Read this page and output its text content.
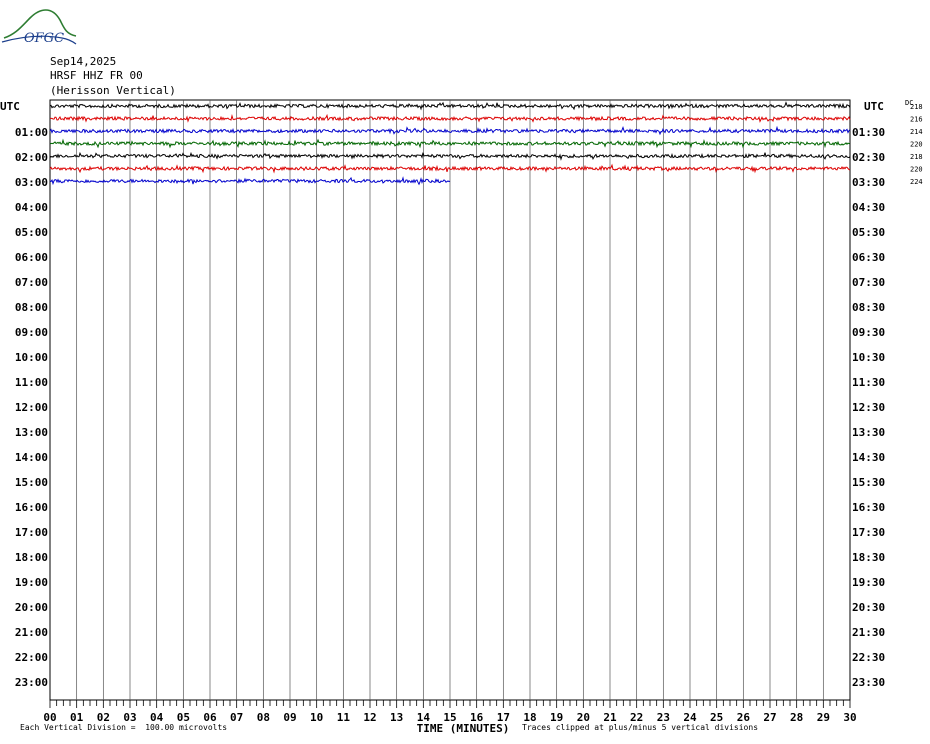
OFGC
Sep14,2025
HRSF HHZ FR 00
(Herisson Vertical)
00 01 02 03 04 05 06 07 08 09 10 11 12 13 14 15 16 17 18 19 20 21 22 23 24 25 26 27 28 29 30
TIME (MINUTES)
UTC	UTC	DC
01:00
02:00
03:00
04:00
05:00
06:00
07:00
08:00
09:00
10:00
11:00
12:00
13:00
14:00
15:00
16:00
17:00
18:00
19:00
20:00
21:00
22:00
23:00
01:30
02:30
03:30
04:30
05:30
06:30
07:30
08:30
09:30
10:30
11:30
12:30
13:30
14:30
15:30
16:30
17:30
18:30
19:30
20:30
21:30
22:30
23:30
218
216
214
220
218
220
224
Each Vertical Division =  100.00 microvolts	Traces clipped at plus/minus 5 vertical divisions
